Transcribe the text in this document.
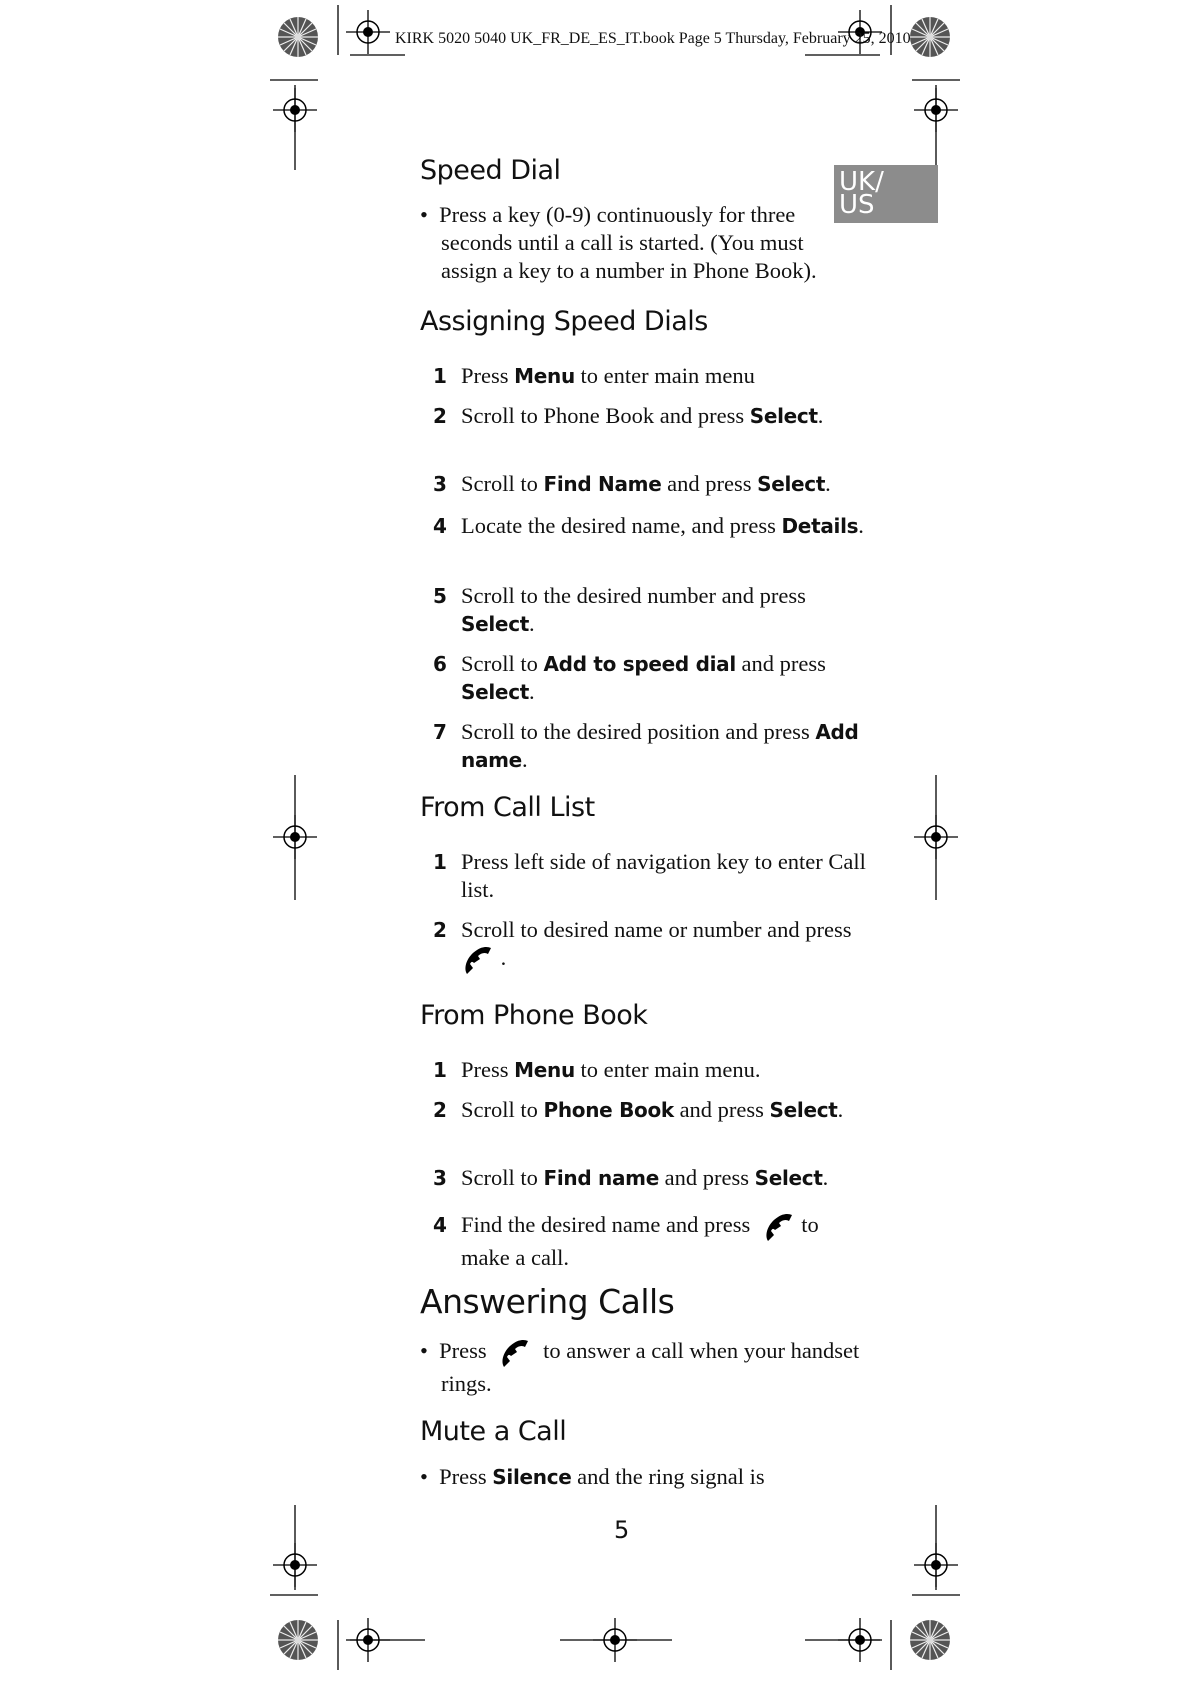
KIRK 5020 5040 UK_FR_DE_ES_IT.book Page 5 Thursday, February 25, 2010
UK/
US
Speed Dial
•  Press a key (0-9) continuously for three seconds until a call is started. (You must assign a key to a number in Phone Book).
Assigning Speed Dials
1 Press Menu to enter main menu
2 Scroll to Phone Book and press Select.
3 Scroll to Find Name and press Select.
4 Locate the desired name, and press Details.
5 Scroll to the desired number and press Select.
6 Scroll to Add to speed dial and press Select.
7 Scroll to the desired position and press Add name.
From Call List
1 Press left side of navigation key to enter Call list.
2 Scroll to desired name or number and press   .
From Phone Book
1 Press Menu to enter main menu.
2 Scroll to Phone Book and press Select.
3 Scroll to Find name and press Select.
4 Find the desired name and press to make a call.
Answering Calls
•  Press	to answer a call when your handset rings.
Mute a Call
•  Press Silence and the ring signal is
5
